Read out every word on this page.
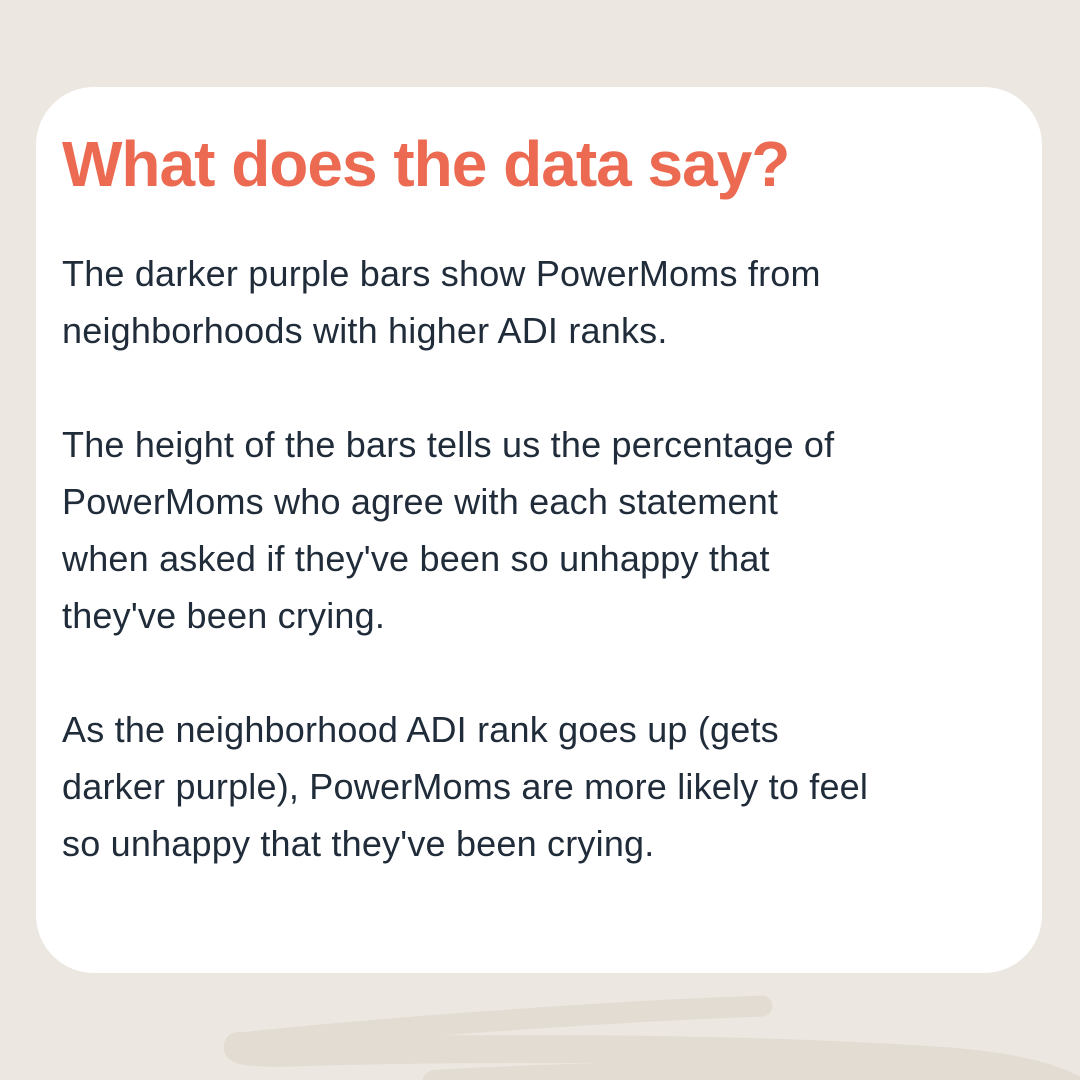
What does the data say?
The darker purple bars show PowerMoms from
neighborhoods with higher ADI ranks.
The height of the bars tells us the percentage of
PowerMoms who agree with each statement
when asked if they've been so unhappy that
they've been crying.
As the neighborhood ADI rank goes up (gets
darker purple), PowerMoms are more likely to feel
so unhappy that they've been crying.
